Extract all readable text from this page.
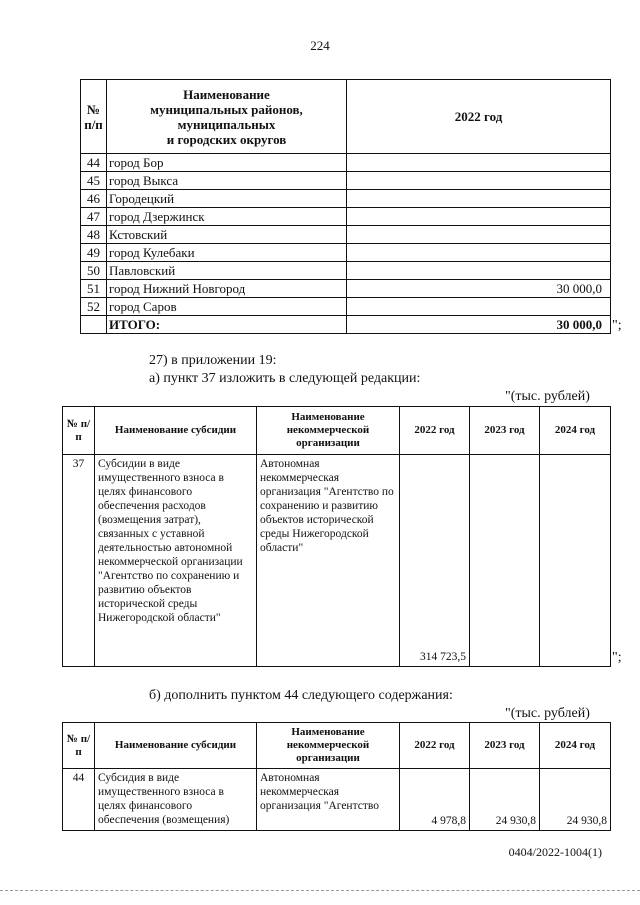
224
№ п/п	Наименование
муниципальных районов,
муниципальных
и городских округов	2022 год
44	город Бор	
45	город Выкса	
46	Городецкий	
47	город Дзержинск	
48	Кстовский	
49	город Кулебаки	
50	Павловский	
51	город Нижний Новгород	30 000,0
52	город Саров	
	ИТОГО:	30 000,0 ";
27) в приложении 19:
а) пункт 37 изложить в следующей редакции:
"(тыс. рублей)
№ п/п	Наименование субсидии	Наименование некоммерческой организации	2022 год	2023 год	2024 год
37	Субсидии в виде имущественного взноса в целях финансового обеспечения расходов (возмещения затрат), связанных с уставной деятельностью автономной некоммерческой организации "Агентство по сохранению и развитию объектов исторической среды Нижегородской области"	Автономная некоммерческая организация "Агентство по сохранению и развитию объектов исторической среды Нижегородской области"	314 723,5			";
б) дополнить пунктом 44 следующего содержания:
"(тыс. рублей)
№ п/п	Наименование субсидии	Наименование некоммерческой организации	2022 год	2023 год	2024 год
44	Субсидия в виде имущественного взноса в целях финансового обеспечения (возмещения)	Автономная некоммерческая организация "Агентство	4 978,8	24 930,8	24 930,8
0404/2022-1004(1)
